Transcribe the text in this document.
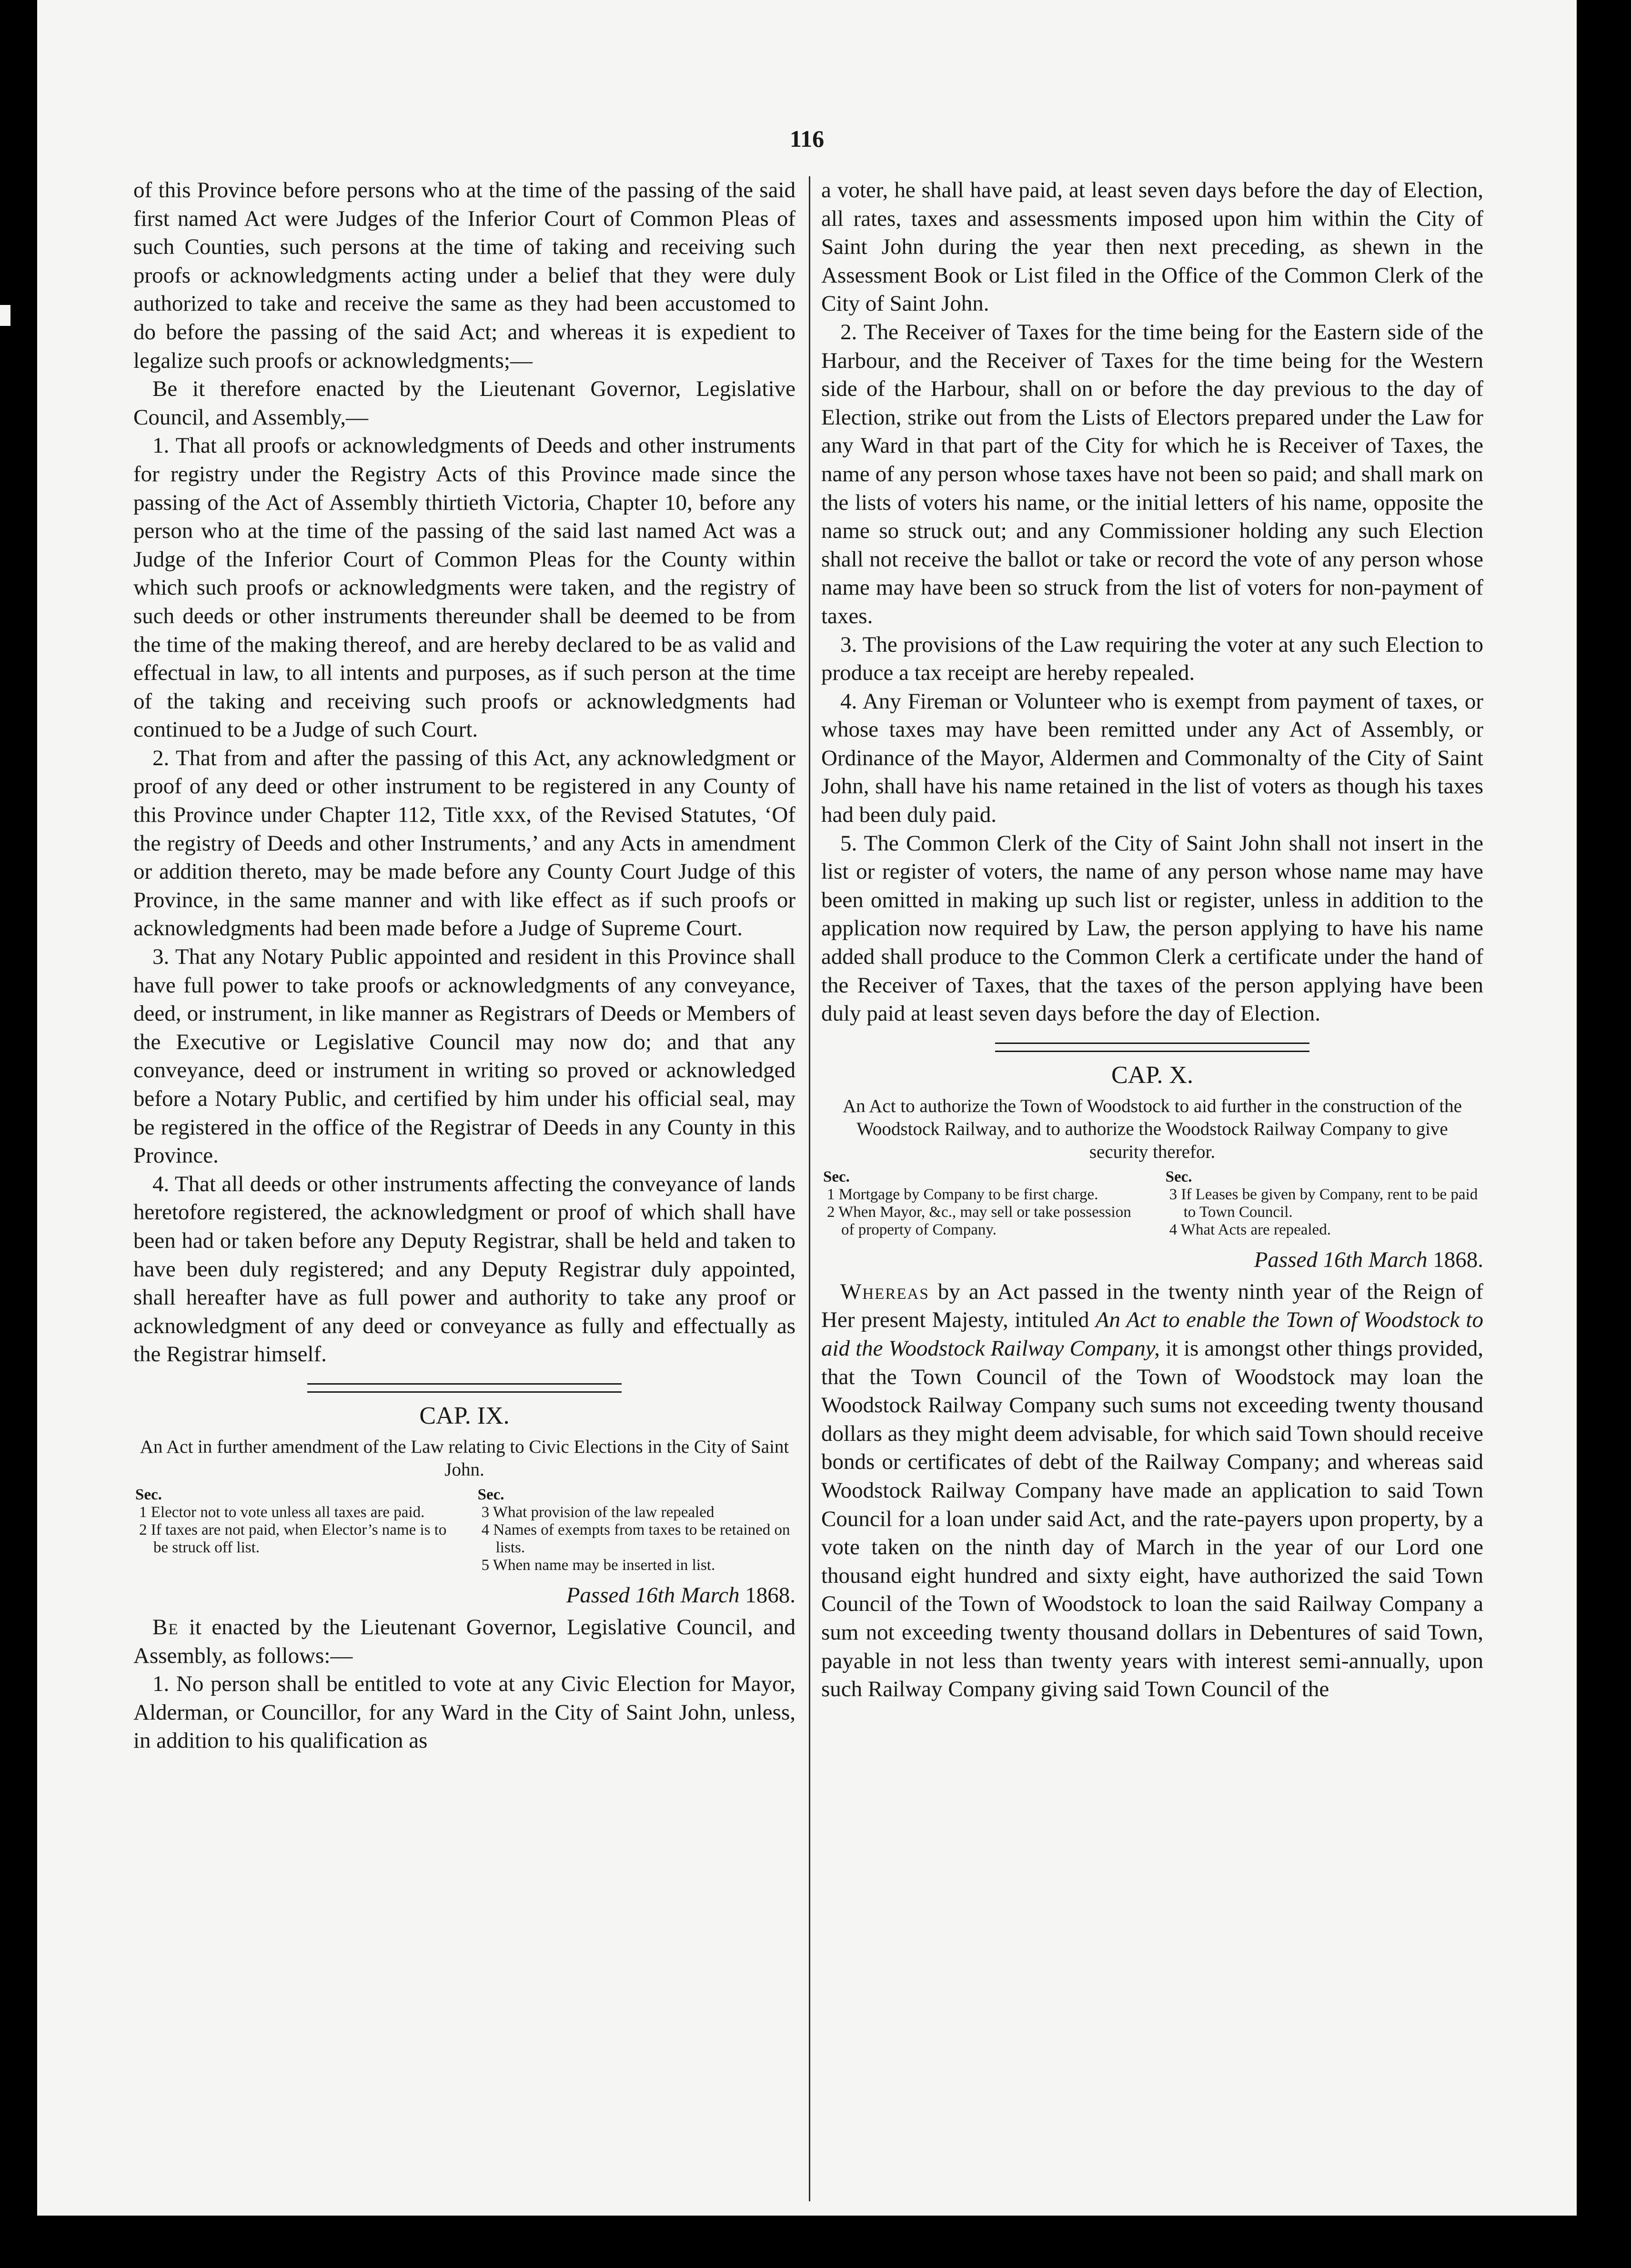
116

of this Province before persons who at the time of the passing of the said first named Act were Judges of the Inferior Court of Common Pleas of such Counties, such persons at the time of taking and receiving such proofs or acknowledgments acting under a belief that they were duly authorized to take and receive the same as they had been accustomed to do before the passing of the said Act; and whereas it is expedient to legalize such proofs or acknowledgments;—

Be it therefore enacted by the Lieutenant Governor, Legislative Council, and Assembly,—

1. That all proofs or acknowledgments of Deeds and other instruments for registry under the Registry Acts of this Province made since the passing of the Act of Assembly thirtieth Victoria, Chapter 10, before any person who at the time of the passing of the said last named Act was a Judge of the Inferior Court of Common Pleas for the County within which such proofs or acknowledgments were taken, and the registry of such deeds or other instruments thereunder shall be deemed to be from the time of the making thereof, and are hereby declared to be as valid and effectual in law, to all intents and purposes, as if such person at the time of the taking and receiving such proofs or acknowledgments had continued to be a Judge of such Court.

2. That from and after the passing of this Act, any acknowledgment or proof of any deed or other instrument to be registered in any County of this Province under Chapter 112, Title xxx, of the Revised Statutes, ‘Of the registry of Deeds and other Instruments,’ and any Acts in amendment or addition thereto, may be made before any County Court Judge of this Province, in the same manner and with like effect as if such proofs or acknowledgments had been made before a Judge of Supreme Court.

3. That any Notary Public appointed and resident in this Province shall have full power to take proofs or acknowledgments of any conveyance, deed, or instrument, in like manner as Registrars of Deeds or Members of the Executive or Legislative Council may now do; and that any conveyance, deed or instrument in writing so proved or acknowledged before a Notary Public, and certified by him under his official seal, may be registered in the office of the Registrar of Deeds in any County in this Province.

4. That all deeds or other instruments affecting the conveyance of lands heretofore registered, the acknowledgment or proof of which shall have been had or taken before any Deputy Registrar, shall be held and taken to have been duly registered; and any Deputy Registrar duly appointed, shall hereafter have as full power and authority to take any proof or acknowledgment of any deed or conveyance as fully and effectually as the Registrar himself.

CAP. IX.
An Act in further amendment of the Law relating to Civic Elections in the City of Saint John.
Sec.
1 Elector not to vote unless all taxes are paid.
2 If taxes are not paid, when Elector’s name is to be struck off list.
Sec.
3 What provision of the law repealed
4 Names of exempts from taxes to be retained on lists.
5 When name may be inserted in list.
Passed 16th March 1868.

Be it enacted by the Lieutenant Governor, Legislative Council, and Assembly, as follows:—

1. No person shall be entitled to vote at any Civic Election for Mayor, Alderman, or Councillor, for any Ward in the City of Saint John, unless, in addition to his qualification as

a voter, he shall have paid, at least seven days before the day of Election, all rates, taxes and assessments imposed upon him within the City of Saint John during the year then next preceding, as shewn in the Assessment Book or List filed in the Office of the Common Clerk of the City of Saint John.

2. The Receiver of Taxes for the time being for the Eastern side of the Harbour, and the Receiver of Taxes for the time being for the Western side of the Harbour, shall on or before the day previous to the day of Election, strike out from the Lists of Electors prepared under the Law for any Ward in that part of the City for which he is Receiver of Taxes, the name of any person whose taxes have not been so paid; and shall mark on the lists of voters his name, or the initial letters of his name, opposite the name so struck out; and any Commissioner holding any such Election shall not receive the ballot or take or record the vote of any person whose name may have been so struck from the list of voters for non-payment of taxes.

3. The provisions of the Law requiring the voter at any such Election to produce a tax receipt are hereby repealed.

4. Any Fireman or Volunteer who is exempt from payment of taxes, or whose taxes may have been remitted under any Act of Assembly, or Ordinance of the Mayor, Aldermen and Commonalty of the City of Saint John, shall have his name retained in the list of voters as though his taxes had been duly paid.

5. The Common Clerk of the City of Saint John shall not insert in the list or register of voters, the name of any person whose name may have been omitted in making up such list or register, unless in addition to the application now required by Law, the person applying to have his name added shall produce to the Common Clerk a certificate under the hand of the Receiver of Taxes, that the taxes of the person applying have been duly paid at least seven days before the day of Election.

CAP. X.
An Act to authorize the Town of Woodstock to aid further in the construction of the Woodstock Railway, and to authorize the Woodstock Railway Company to give security therefor.
Sec.
1 Mortgage by Company to be first charge.
2 When Mayor, &c., may sell or take possession of property of Company.
Sec.
3 If Leases be given by Company, rent to be paid to Town Council.
4 What Acts are repealed.
Passed 16th March 1868.

Whereas by an Act passed in the twenty ninth year of the Reign of Her present Majesty, intituled An Act to enable the Town of Woodstock to aid the Woodstock Railway Company, it is amongst other things provided, that the Town Council of the Town of Woodstock may loan the Woodstock Railway Company such sums not exceeding twenty thousand dollars as they might deem advisable, for which said Town should receive bonds or certificates of debt of the Railway Company; and whereas said Woodstock Railway Company have made an application to said Town Council for a loan under said Act, and the rate-payers upon property, by a vote taken on the ninth day of March in the year of our Lord one thousand eight hundred and sixty eight, have authorized the said Town Council of the Town of Woodstock to loan the said Railway Company a sum not exceeding twenty thousand dollars in Debentures of said Town, payable in not less than twenty years with interest semi-annually, upon such Railway Company giving said Town Council of the
